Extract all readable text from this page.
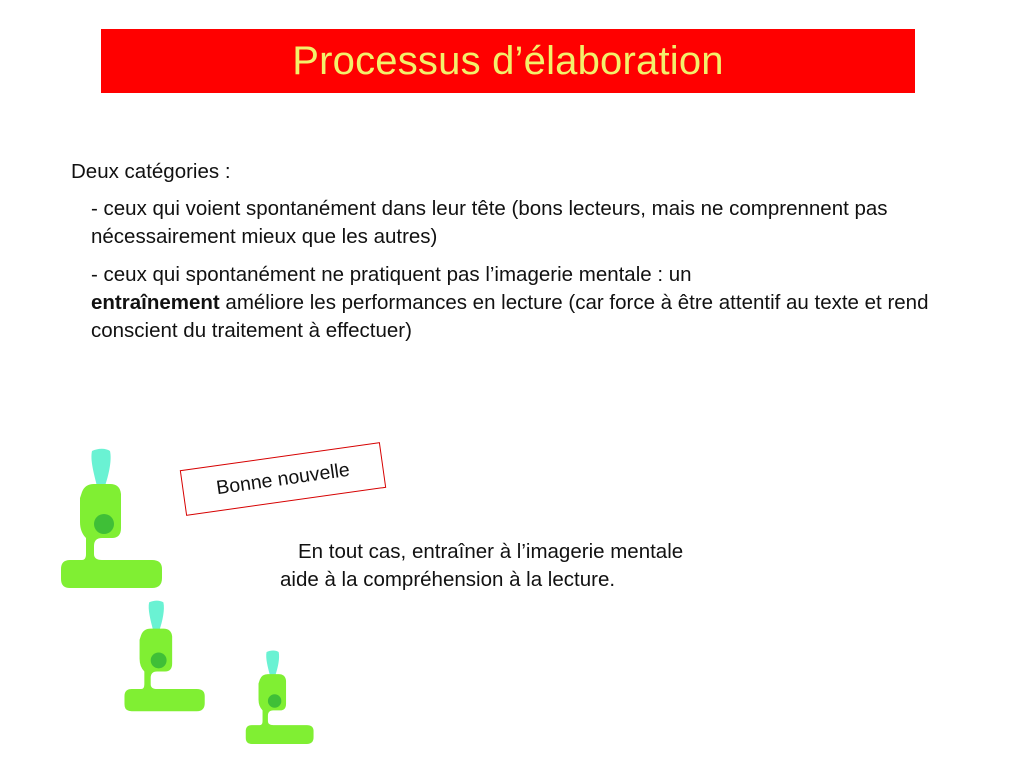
Processus d’élaboration

Deux catégories :

- ceux qui voient spontanément dans leur tête (bons lecteurs, mais ne comprennent pas nécessairement mieux que les autres)

- ceux qui spontanément ne pratiquent pas l’imagerie mentale : un
entraînement améliore les performances en lecture (car force à être attentif au texte et rend conscient du traitement à effectuer)

Bonne nouvelle
En tout cas, entraîner à l’imagerie mentale aide à la compréhension à la lecture.
